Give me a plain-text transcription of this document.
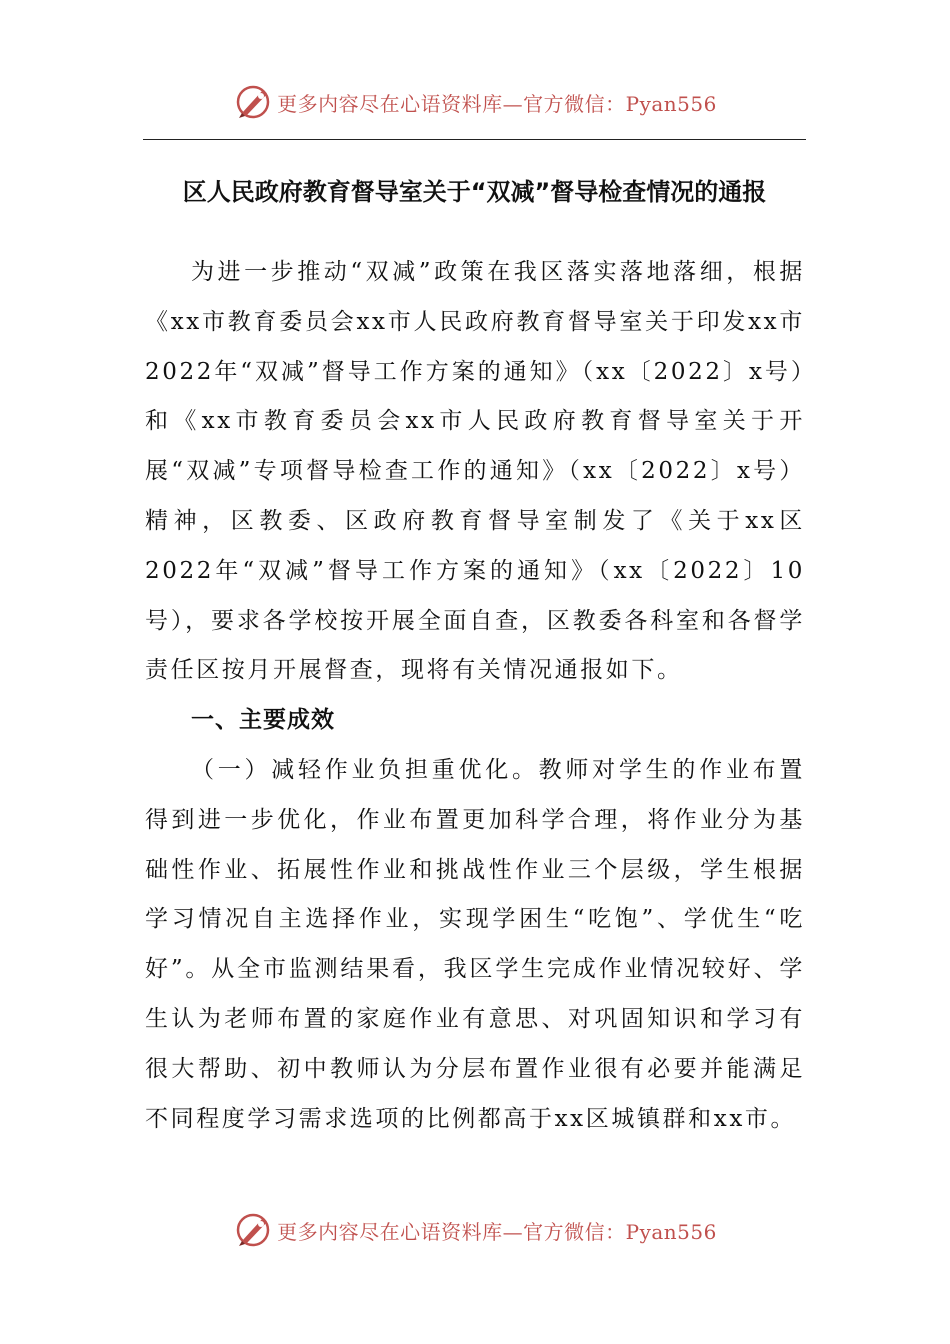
更多内容尽在心语资料库—官方微信：Pyan556
区人民政府教育督导室关于“双减”督导检查情况的通报

为进一步推动“双减”政策在我区落实落地落细，根据《xx市教育委员会xx市人民政府教育督导室关于印发xx市2022年“双减”督导工作方案的通知》（xx〔2022〕x号）和《xx市教育委员会xx市人民政府教育督导室关于开展“双减”专项督导检查工作的通知》（xx〔2022〕x号）精神，区教委、区政府教育督导室制发了《关于xx区2022年“双减”督导工作方案的通知》（xx〔2022〕10号），要求各学校按开展全面自查，区教委各科室和各督学责任区按月开展督查，现将有关情况通报如下。

一、主要成效

（一）减轻作业负担重优化。教师对学生的作业布置得到进一步优化，作业布置更加科学合理，将作业分为基础性作业、拓展性作业和挑战性作业三个层级，学生根据学习情况自主选择作业，实现学困生“吃饱”、学优生“吃好”。从全市监测结果看，我区学生完成作业情况较好、学生认为老师布置的家庭作业有意思、对巩固知识和学习有很大帮助、初中教师认为分层布置作业很有必要并能满足不同程度学习需求选项的比例都高于xx区城镇群和xx市。

更多内容尽在心语资料库—官方微信：Pyan556
